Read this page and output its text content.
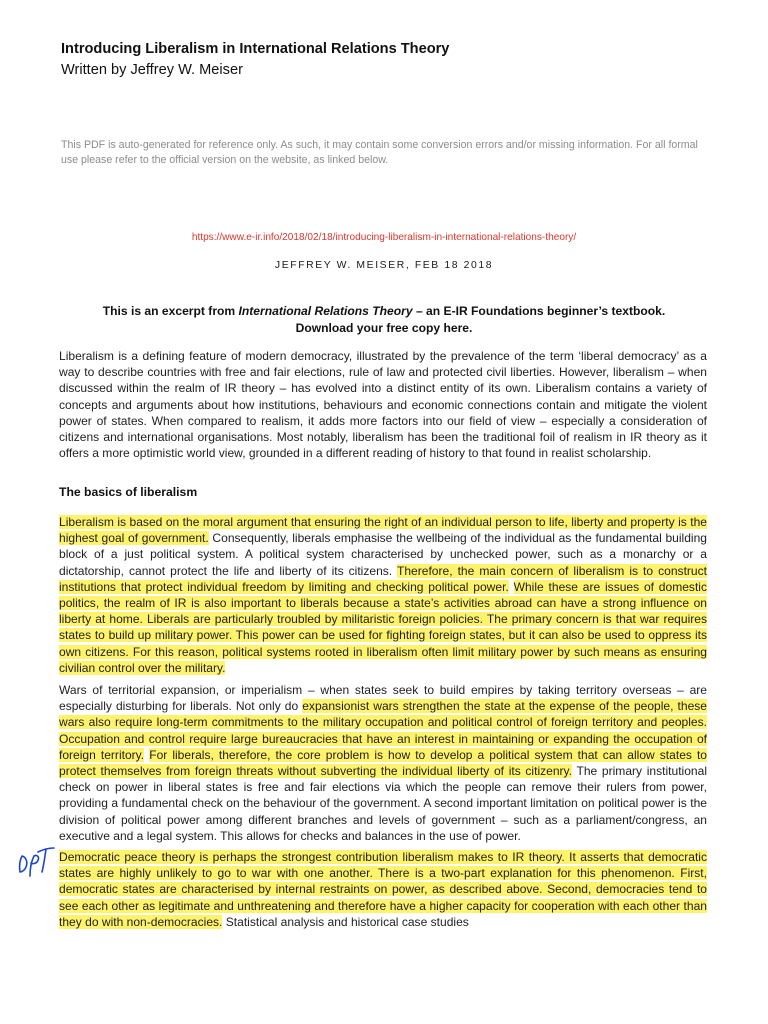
Introducing Liberalism in International Relations Theory
Written by Jeffrey W. Meiser
This PDF is auto-generated for reference only. As such, it may contain some conversion errors and/or missing information. For all formal use please refer to the official version on the website, as linked below.
https://www.e-ir.info/2018/02/18/introducing-liberalism-in-international-relations-theory/
JEFFREY W. MEISER, FEB 18 2018
This is an excerpt from International Relations Theory – an E-IR Foundations beginner’s textbook.
Download your free copy here.

Liberalism is a defining feature of modern democracy, illustrated by the prevalence of the term ‘liberal democracy’ as a way to describe countries with free and fair elections, rule of law and protected civil liberties. However, liberalism – when discussed within the realm of IR theory – has evolved into a distinct entity of its own. Liberalism contains a variety of concepts and arguments about how institutions, behaviours and economic connections contain and mitigate the violent power of states. When compared to realism, it adds more factors into our field of view – especially a consideration of citizens and international organisations. Most notably, liberalism has been the traditional foil of realism in IR theory as it offers a more optimistic world view, grounded in a different reading of history to that found in realist scholarship.

The basics of liberalism

Liberalism is based on the moral argument that ensuring the right of an individual person to life, liberty and property is the highest goal of government. Consequently, liberals emphasise the wellbeing of the individual as the fundamental building block of a just political system. A political system characterised by unchecked power, such as a monarchy or a dictatorship, cannot protect the life and liberty of its citizens. Therefore, the main concern of liberalism is to construct institutions that protect individual freedom by limiting and checking political power. While these are issues of domestic politics, the realm of IR is also important to liberals because a state’s activities abroad can have a strong influence on liberty at home. Liberals are particularly troubled by militaristic foreign policies. The primary concern is that war requires states to build up military power. This power can be used for fighting foreign states, but it can also be used to oppress its own citizens. For this reason, political systems rooted in liberalism often limit military power by such means as ensuring civilian control over the military.

Wars of territorial expansion, or imperialism – when states seek to build empires by taking territory overseas – are especially disturbing for liberals. Not only do expansionist wars strengthen the state at the expense of the people, these wars also require long-term commitments to the military occupation and political control of foreign territory and peoples. Occupation and control require large bureaucracies that have an interest in maintaining or expanding the occupation of foreign territory. For liberals, therefore, the core problem is how to develop a political system that can allow states to protect themselves from foreign threats without subverting the individual liberty of its citizenry. The primary institutional check on power in liberal states is free and fair elections via which the people can remove their rulers from power, providing a fundamental check on the behaviour of the government. A second important limitation on political power is the division of political power among different branches and levels of government – such as a parliament/congress, an executive and a legal system. This allows for checks and balances in the use of power.

Democratic peace theory is perhaps the strongest contribution liberalism makes to IR theory. It asserts that democratic states are highly unlikely to go to war with one another. There is a two-part explanation for this phenomenon. First, democratic states are characterised by internal restraints on power, as described above. Second, democracies tend to see each other as legitimate and unthreatening and therefore have a higher capacity for cooperation with each other than they do with non-democracies. Statistical analysis and historical case studies
